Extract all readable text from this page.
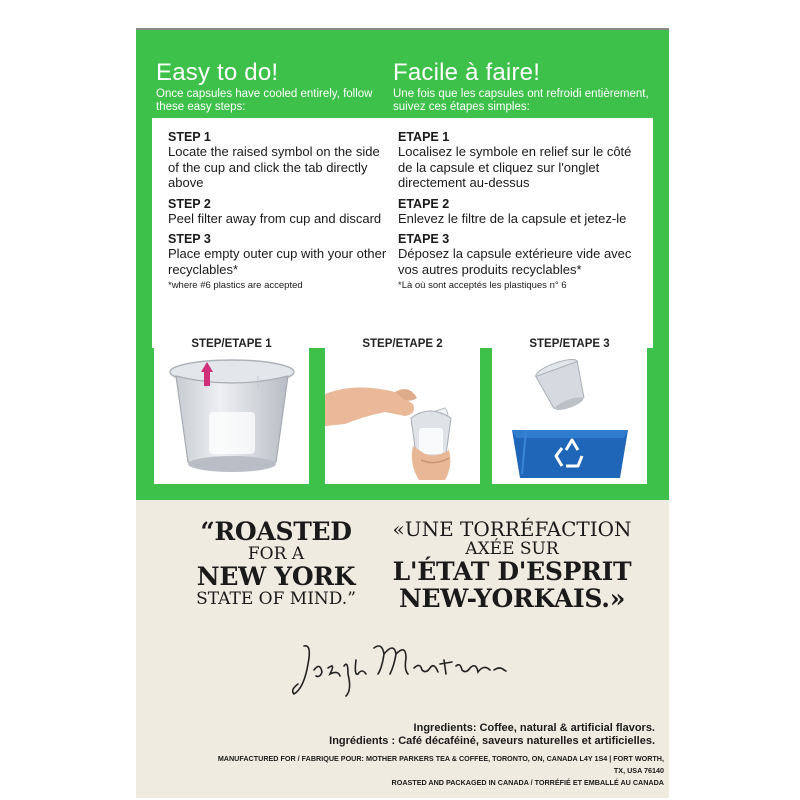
Easy to do!

Once capsules have cooled entirely, follow these easy steps:

Facile à faire!

Une fois que les capsules ont refroidi entièrement, suivez ces étapes simples:

STEP 1

Locate the raised symbol on the side of the cup and click the tab directly above

STEP 2

Peel filter away from cup and discard

STEP 3

Place empty outer cup with your other recyclables*

*where #6 plastics are accepted
ETAPE 1

Localisez le symbole en relief sur le côté de la capsule et cliquez sur l'onglet directement au-dessus

ETAPE 2

Enlevez le filtre de la capsule et jetez-le

ETAPE 3

Déposez la capsule extérieure vide avec vos autres produits recyclables*

*Là où sont acceptés les plastiques n° 6
STEP/ETAPE 1	STEP/ETAPE 2	STEP/ETAPE 3
“ROASTED
FOR A
NEW YORK
STATE OF MIND.”
«UNE TORRÉFACTION
AXÉE SUR
L'ÉTAT D'ESPRIT
NEW-YORKAIS.»
Ingredients: Coffee, natural & artificial flavors.
Ingrédients : Café décaféiné, saveurs naturelles et artificielles.
MANUFACTURED FOR / FABRIQUE POUR: MOTHER PARKERS TEA & COFFEE, TORONTO, ON, CANADA L4Y 1S4 | FORT WORTH, TX, USA 76140
ROASTED AND PACKAGED IN CANADA / TORRÉFIÉ ET EMBALLÉ AU CANADA
